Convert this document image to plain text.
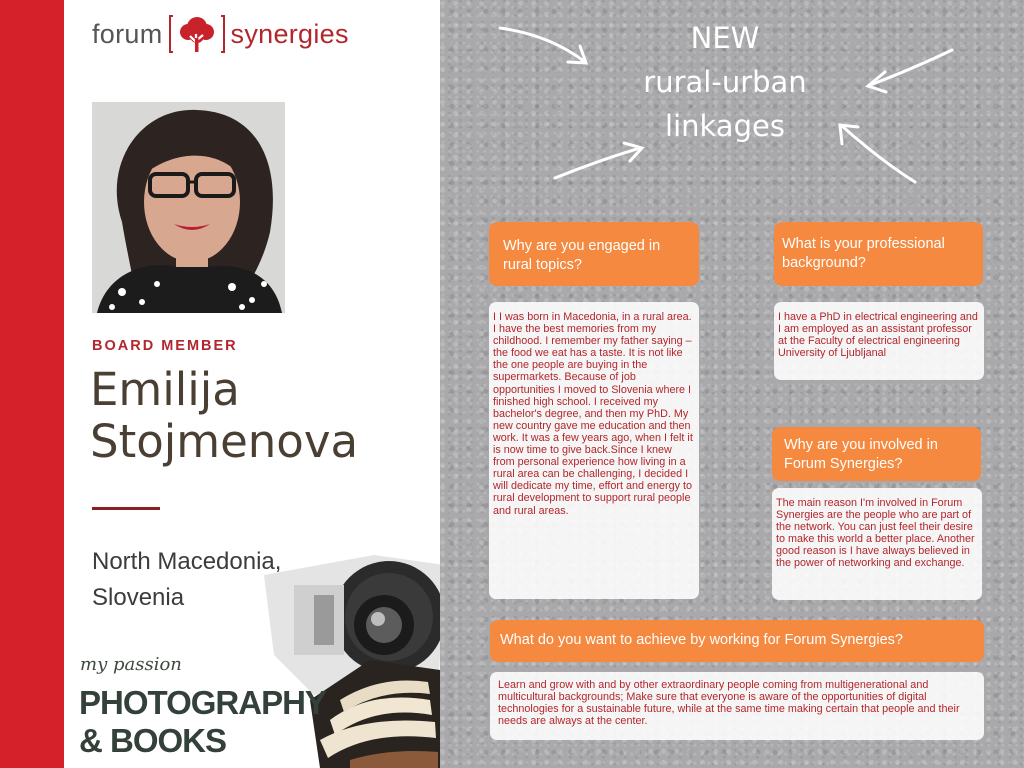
forum	synergies
BOARD MEMBER
Emilija
Stojmenova
North Macedonia,
Slovenia
my passion
PHOTOGRAPHY
& BOOKS
NEW
rural-urban
linkages
Why are you engaged in rural topics?
I I was born in Macedonia, in a rural area. I have the best memories from my childhood. I remember my father saying – the food we eat has a taste. It is not like the one people are buying in the supermarkets. Because of job opportunities I moved to Slovenia where I finished high school. I received my bachelor's degree, and then my PhD. My new country gave me education and then work. It was a few years ago, when I felt it is now time to give back.Since I knew from personal experience how living in a rural area can be challenging, I decided I will dedicate my time, effort and energy to rural development to support rural people and rural areas.
What is your professional background?
I have a PhD in electrical engineering and I am employed as an assistant professor at the Faculty of electrical engineering University of Ljubljanal
Why are you involved in Forum Synergies?
The main reason I'm involved in Forum Synergies are the people who are part of the network. You can just feel their desire to make this world a better place. Another good reason is I have always believed in the power of networking and exchange.
What do you want to achieve by working for Forum Synergies?
Learn and grow with and by other extraordinary people coming from multigenerational and multicultural backgrounds; Make sure that everyone is aware of the opportunities of digital technologies for a sustainable future, while at the same time making certain that people and their needs are always at the center.
